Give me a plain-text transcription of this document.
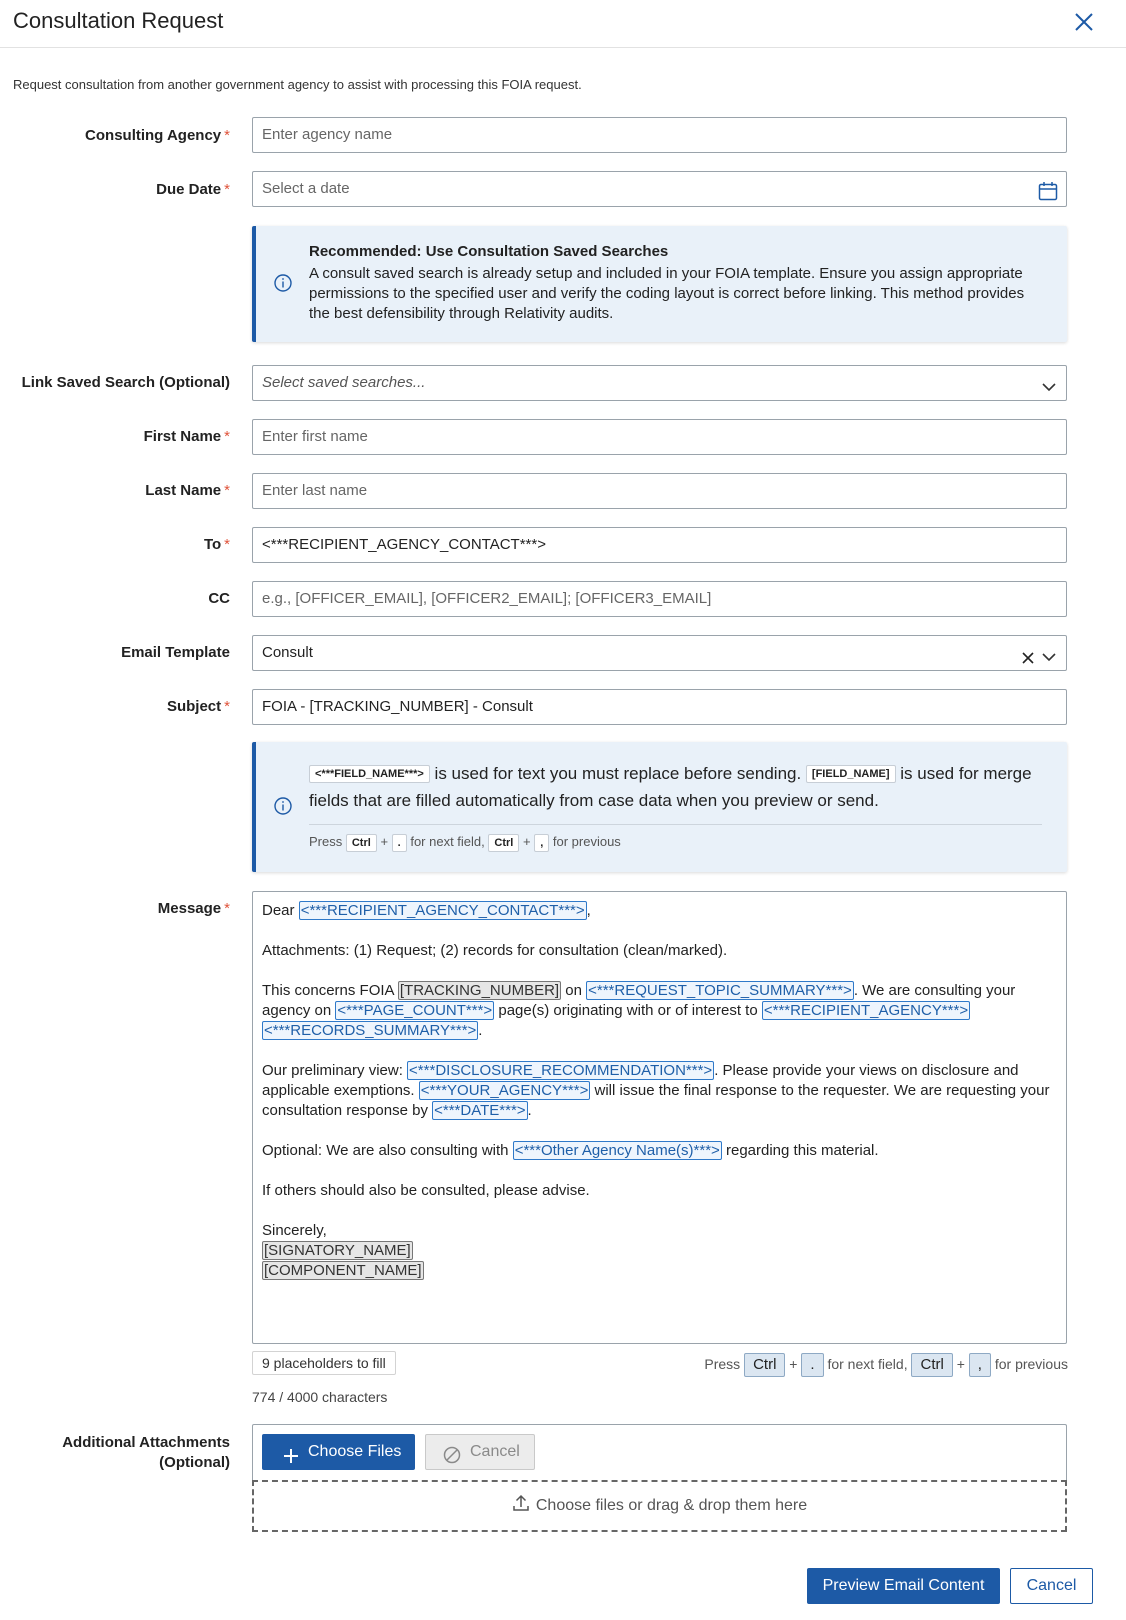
Consultation Request
Request consultation from another government agency to assist with processing this FOIA request.
Consulting Agency *	Enter agency name
Due Date *	Select a date
Recommended: Use Consultation Saved Searches
A consult saved search is already setup and included in your FOIA template. Ensure you assign appropriate permissions to the specified user and verify the coding layout is correct before linking. This method provides the best defensibility through Relativity audits.
Link Saved Search (Optional)	Select saved searches...
First Name *	Enter first name
Last Name *	Enter last name
To *	<***RECIPIENT_AGENCY_CONTACT***>
CC	e.g., [OFFICER_EMAIL], [OFFICER2_EMAIL]; [OFFICER3_EMAIL]
Email Template	Consult
Subject *	FOIA - [TRACKING_NUMBER] - Consult
<***FIELD_NAME***> is used for text you must replace before sending. [FIELD_NAME] is used for merge fields that are filled automatically from case data when you preview or send.
Press Ctrl + . for next field, Ctrl + , for previous
Message * Dear <***RECIPIENT_AGENCY_CONTACT***> ,

Attachments: (1) Request; (2) records for consultation (clean/marked).

This concerns FOIA [TRACKING_NUMBER] on <***REQUEST_TOPIC_SUMMARY***> . We are consulting your agency on <***PAGE_COUNT***> page(s) originating with or of interest to <***RECIPIENT_AGENCY***> <***RECORDS_SUMMARY***> .

Our preliminary view: <***DISCLOSURE_RECOMMENDATION***> . Please provide your views on disclosure and applicable exemptions. <***YOUR_AGENCY***> will issue the final response to the requester. We are requesting your consultation response by <***DATE***> .

Optional: We are also consulting with <***Other Agency Name(s)***> regarding this material.

If others should also be consulted, please advise.

Sincerely,
[SIGNATORY_NAME]
[COMPONENT_NAME]
9 placeholders to fill	Press Ctrl + . for next field, Ctrl + , for previous
774 / 4000 characters
Additional Attachments
(Optional)
Choose Files	Cancel
Choose files or drag & drop them here
Preview Email Content	Cancel
